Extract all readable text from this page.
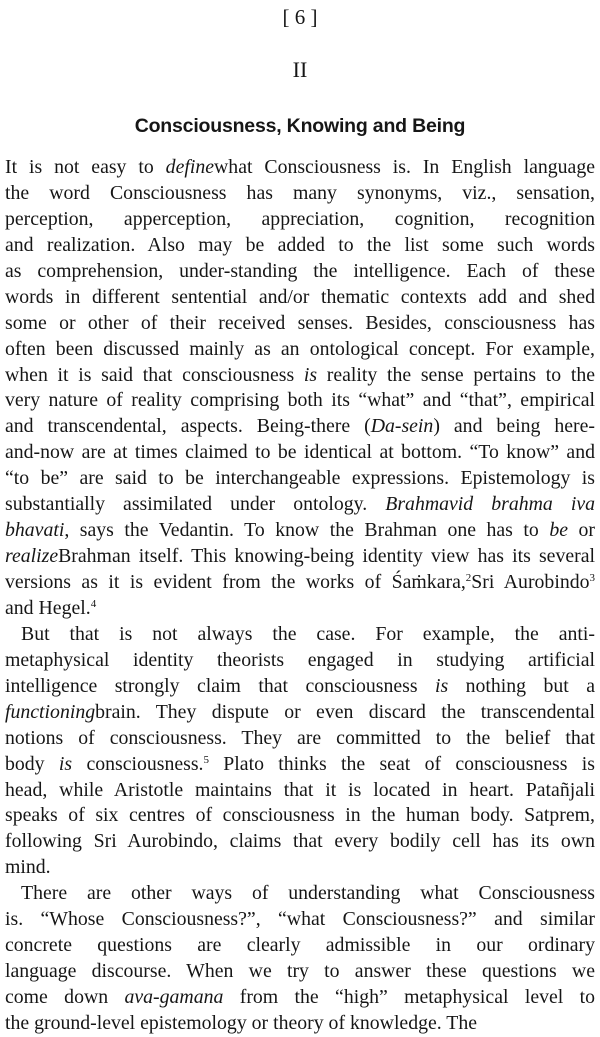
[ 6 ]
II
Consciousness, Knowing and Being
It is not easy to definewhat Consciousness is. In English language
the word Consciousness has many synonyms, viz., sensation,
perception, apperception, appreciation, cognition, recognition
and realization. Also may be added to the list some such words
as comprehension, under-standing the intelligence. Each of these
words in different sentential and/or thematic contexts add and shed
some or other of their received senses. Besides, consciousness has
often been discussed mainly as an ontological concept. For example,
when it is said that consciousness is reality the sense pertains to the
very nature of reality comprising both its “what” and “that”, empirical
and transcendental, aspects. Being-there (Da-sein) and being here-
and-now are at times claimed to be identical at bottom. “To know” and
“to be” are said to be interchangeable expressions. Epistemology is
substantially assimilated under ontology. Brahmavid brahma iva
bhavati, says the Vedantin. To know the Brahman one has to be or
realizeBrahman itself. This knowing-being identity view has its several
versions as it is evident from the works of Śaṁkara,$^2$Sri Aurobindo$^3$
and Hegel.$^4$
But that is not always the case. For example, the anti-
metaphysical identity theorists engaged in studying artificial
intelligence strongly claim that consciousness is nothing but a
functioningbrain. They dispute or even discard the transcendental
notions of consciousness. They are committed to the belief that
body is consciousness.$^5$ Plato thinks the seat of consciousness is
head, while Aristotle maintains that it is located in heart. Patañjali
speaks of six centres of consciousness in the human body. Satprem,
following Sri Aurobindo, claims that every bodily cell has its own
mind.
There are other ways of understanding what Consciousness
is. “Whose Consciousness?”, “what Consciousness?” and similar
concrete questions are clearly admissible in our ordinary
language discourse. When we try to answer these questions we
come down ava-gamana from the “high” metaphysical level to
the ground-level epistemology or theory of knowledge. The
